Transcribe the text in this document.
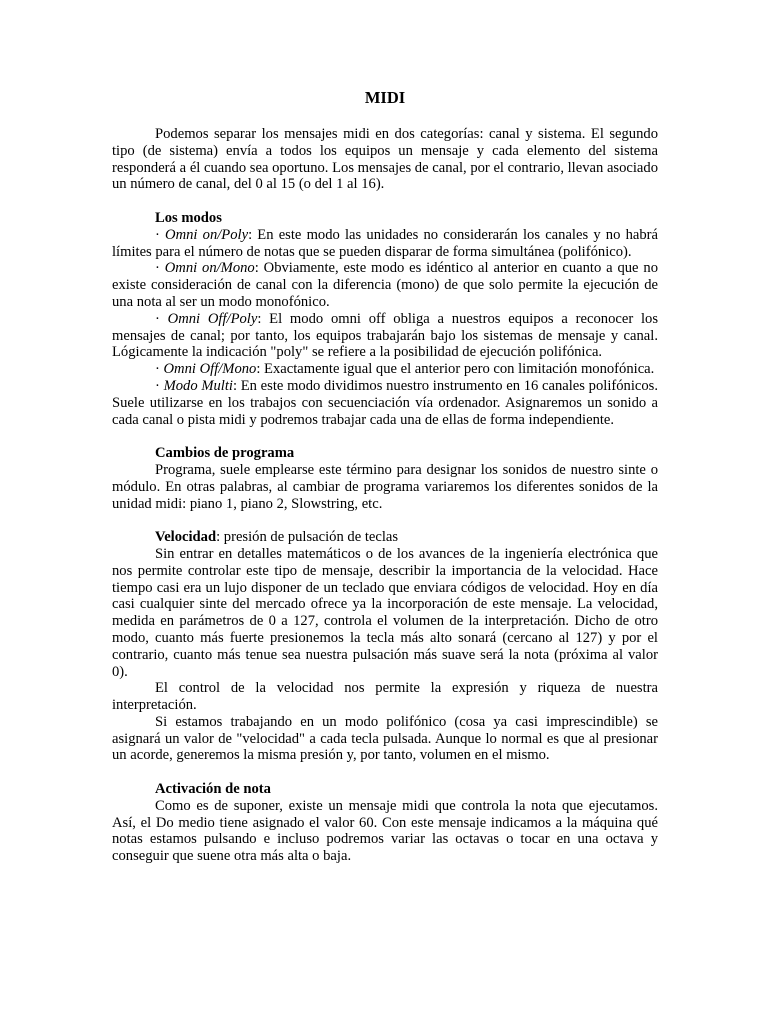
MIDI

Podemos separar los mensajes midi en dos categorías: canal y sistema. El segundo tipo (de sistema) envía a todos los equipos un mensaje y cada elemento del sistema responderá a él cuando sea oportuno. Los mensajes de canal, por el contrario, llevan asociado un número de canal, del 0 al 15 (o del 1 al 16).

Los modos

· Omni on/Poly: En este modo las unidades no considerarán los canales y no habrá límites para el número de notas que se pueden disparar de forma simultánea (polifónico).

· Omni on/Mono: Obviamente, este modo es idéntico al anterior en cuanto a que no existe consideración de canal con la diferencia (mono) de que solo permite la ejecución de una nota al ser un modo monofónico.

· Omni Off/Poly: El modo omni off obliga a nuestros equipos a reconocer los mensajes de canal; por tanto, los equipos trabajarán bajo los sistemas de mensaje y canal. Lógicamente la indicación "poly" se refiere a la posibilidad de ejecución polifónica.

· Omni Off/Mono: Exactamente igual que el anterior pero con limitación monofónica.

· Modo Multi: En este modo dividimos nuestro instrumento en 16 canales polifónicos. Suele utilizarse en los trabajos con secuenciación vía ordenador. Asignaremos un sonido a cada canal o pista midi y podremos trabajar cada una de ellas de forma independiente.

Cambios de programa

Programa, suele emplearse este término para designar los sonidos de nuestro sinte o módulo. En otras palabras, al cambiar de programa variaremos los diferentes sonidos de la unidad midi: piano 1, piano 2, Slowstring, etc.

Velocidad: presión de pulsación de teclas

Sin entrar en detalles matemáticos o de los avances de la ingeniería electrónica que nos permite controlar este tipo de mensaje, describir la importancia de la velocidad. Hace tiempo casi era un lujo disponer de un teclado que enviara códigos de velocidad. Hoy en día casi cualquier sinte del mercado ofrece ya la incorporación de este mensaje. La velocidad, medida en parámetros de 0 a 127, controla el volumen de la interpretación. Dicho de otro modo, cuanto más fuerte presionemos la tecla más alto sonará (cercano al 127) y por el contrario, cuanto más tenue sea nuestra pulsación más suave será la nota (próxima al valor 0).

El control de la velocidad nos permite la expresión y riqueza de nuestra interpretación.

Si estamos trabajando en un modo polifónico (cosa ya casi imprescindible) se asignará un valor de "velocidad" a cada tecla pulsada. Aunque lo normal es que al presionar un acorde, generemos la misma presión y, por tanto, volumen en el mismo.

Activación de nota

Como es de suponer, existe un mensaje midi que controla la nota que ejecutamos. Así, el Do medio tiene asignado el valor 60. Con este mensaje indicamos a la máquina qué notas estamos pulsando e incluso podremos variar las octavas o tocar en una octava y conseguir que suene otra más alta o baja.
